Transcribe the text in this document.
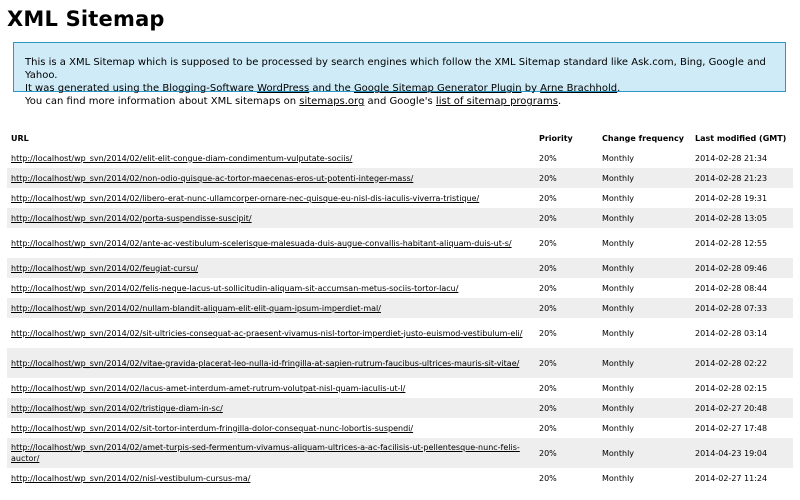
XML Sitemap
This is a XML Sitemap which is supposed to be processed by search engines which follow the XML Sitemap standard like Ask.com, Bing, Google and Yahoo.
It was generated using the Blogging-Software WordPress and the Google Sitemap Generator Plugin by Arne Brachhold.
You can find more information about XML sitemaps on sitemaps.org and Google's list of sitemap programs.
URL	Priority	Change frequency	Last modified (GMT)
http://localhost/wp_svn/2014/02/elit-elit-congue-diam-condimentum-vulputate-sociis/	20%	Monthly	2014-02-28 21:34
http://localhost/wp_svn/2014/02/non-odio-quisque-ac-tortor-maecenas-eros-ut-potenti-integer-mass/	20%	Monthly	2014-02-28 21:23
http://localhost/wp_svn/2014/02/libero-erat-nunc-ullamcorper-ornare-nec-quisque-eu-nisl-dis-iaculis-viverra-tristique/	20%	Monthly	2014-02-28 19:31
http://localhost/wp_svn/2014/02/porta-suspendisse-suscipit/	20%	Monthly	2014-02-28 13:05
http://localhost/wp_svn/2014/02/ante-ac-vestibulum-scelerisque-malesuada-duis-augue-convallis-habitant-aliquam-duis-ut-s/	20%	Monthly	2014-02-28 12:55
http://localhost/wp_svn/2014/02/feugiat-cursu/	20%	Monthly	2014-02-28 09:46
http://localhost/wp_svn/2014/02/felis-neque-lacus-ut-sollicitudin-aliquam-sit-accumsan-metus-sociis-tortor-lacu/	20%	Monthly	2014-02-28 08:44
http://localhost/wp_svn/2014/02/nullam-blandit-aliquam-elit-elit-quam-ipsum-imperdiet-mal/	20%	Monthly	2014-02-28 07:33
http://localhost/wp_svn/2014/02/sit-ultricies-consequat-ac-praesent-vivamus-nisl-tortor-imperdiet-justo-euismod-vestibulum-eli/	20%	Monthly	2014-02-28 03:14
http://localhost/wp_svn/2014/02/vitae-gravida-placerat-leo-nulla-id-fringilla-at-sapien-rutrum-faucibus-ultrices-mauris-sit-vitae/	20%	Monthly	2014-02-28 02:22
http://localhost/wp_svn/2014/02/lacus-amet-interdum-amet-rutrum-volutpat-nisl-quam-iaculis-ut-l/	20%	Monthly	2014-02-28 02:15
http://localhost/wp_svn/2014/02/tristique-diam-in-sc/	20%	Monthly	2014-02-27 20:48
http://localhost/wp_svn/2014/02/sit-tortor-interdum-fringilla-dolor-consequat-nunc-lobortis-suspendi/	20%	Monthly	2014-02-27 17:48
http://localhost/wp_svn/2014/02/amet-turpis-sed-fermentum-vivamus-aliquam-ultrices-a-ac-facilisis-ut-pellentesque-nunc-felis-auctor/	20%	Monthly	2014-04-23 19:04
http://localhost/wp_svn/2014/02/nisl-vestibulum-cursus-ma/	20%	Monthly	2014-02-27 11:24
